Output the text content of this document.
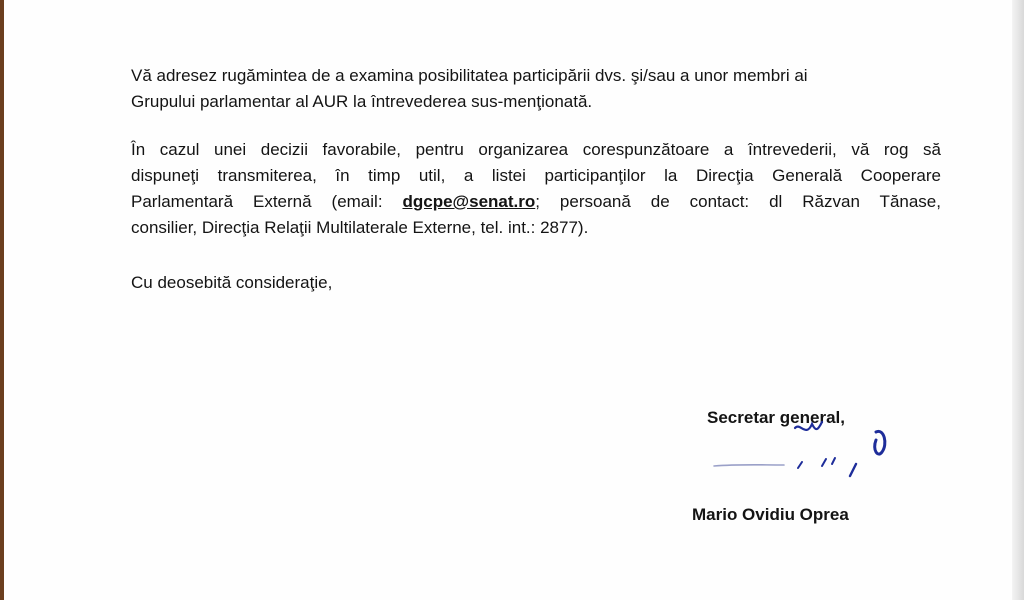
Vă adresez rugămintea de a examina posibilitatea participării dvs. şi/sau a unor membri ai
Grupului parlamentar al AUR la întrevederea sus-menţionată.

În cazul unei decizii favorabile, pentru organizarea corespunzătoare a întrevederii, vă rog să
dispuneţi transmiterea, în timp util, a listei participanţilor la Direcţia Generală Cooperare
Parlamentară Externă (email: dgcpe@senat.ro; persoană de contact: dl Răzvan Tănase,
consilier, Direcţia Relaţii Multilaterale Externe, tel. int.: 2877).

Cu deosebită consideraţie,

Secretar general,
Mario Ovidiu Oprea
